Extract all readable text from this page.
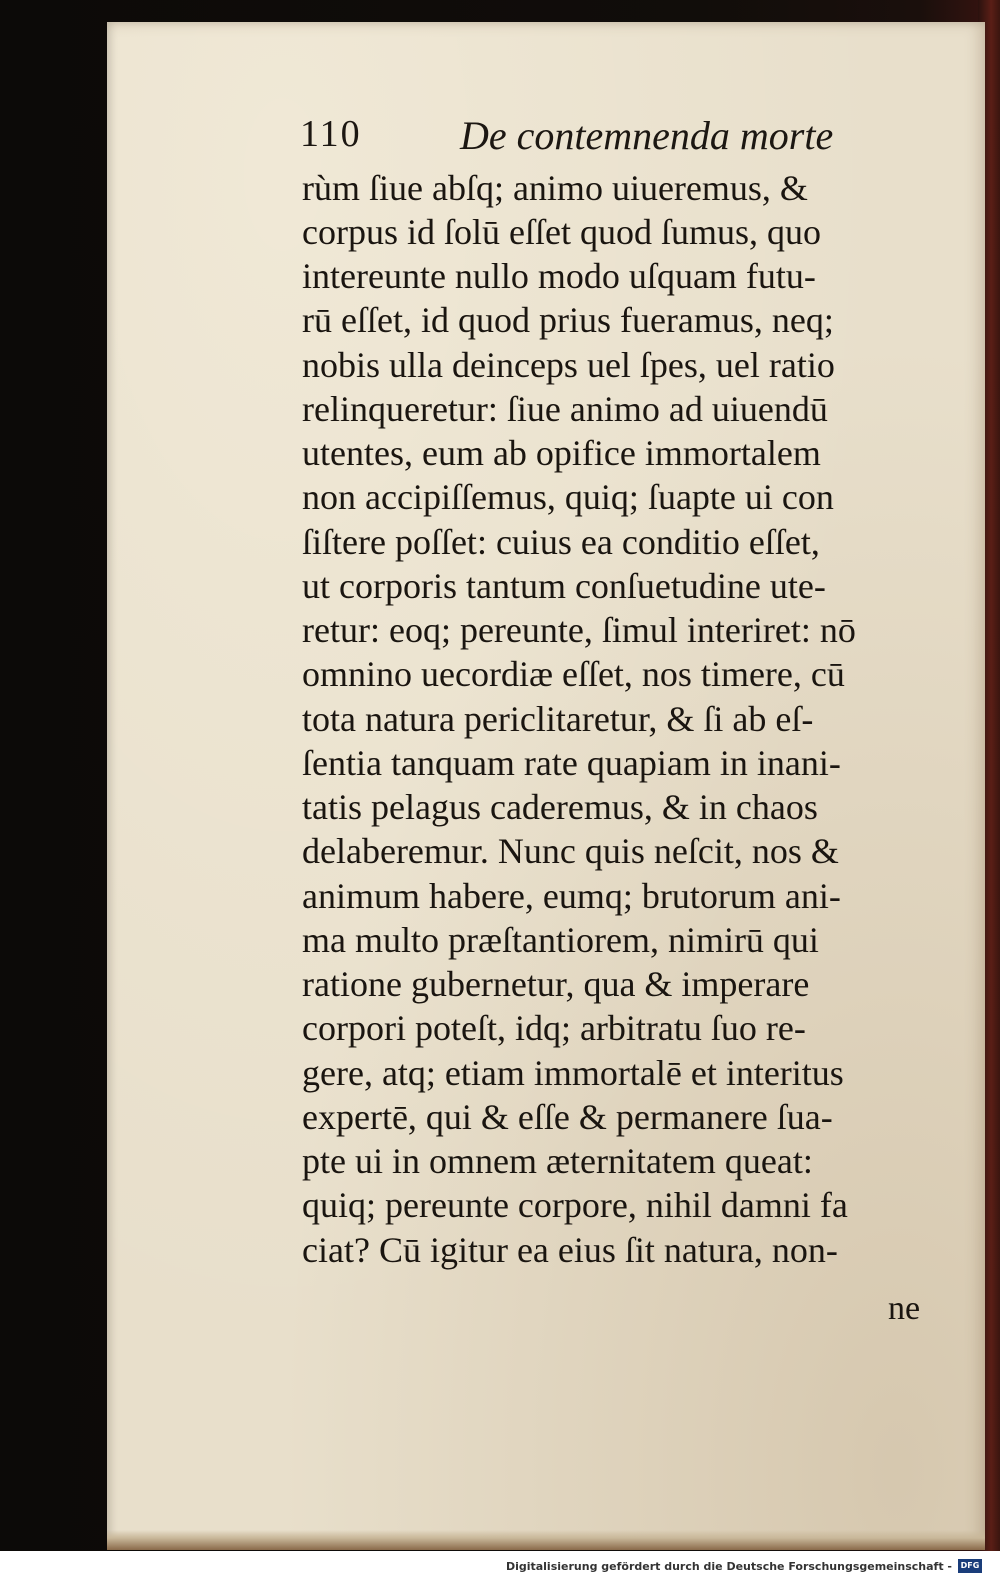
110 De contemnenda morte
rùm ſiue abſq; animo uiueremus, &
corpus id ſolū eſſet quod ſumus, quo
intereunte nullo modo uſquam futu-
rū eſſet, id quod prius fueramus, neq;
nobis ulla deinceps uel ſpes, uel ratio
relinqueretur: ſiue animo ad uiuendū
utentes, eum ab opifice immortalem
non accipiſſemus, quiq; ſuapte ui con
ſiſtere poſſet: cuius ea conditio eſſet,
ut corporis tantum conſuetudine ute-
retur: eoq; pereunte, ſimul interiret: nō
omnino uecordiæ eſſet, nos timere, cū
tota natura periclitaretur, & ſi ab eſ-
ſentia tanquam rate quapiam in inani-
tatis pelagus caderemus, & in chaos
delaberemur. Nunc quis neſcit, nos &
animum habere, eumq; brutorum ani-
ma multo præſtantiorem, nimirū qui
ratione gubernetur, qua & imperare
corpori poteſt, idq; arbitratu ſuo re-
gere, atq; etiam immortalē et interitus
expertē, qui & eſſe & permanere ſua-
pte ui in omnem æternitatem queat:
quiq; pereunte corpore, nihil damni fa
ciat? Cū igitur ea eius ſit natura, non-
ne
Digitalisierung gefördert durch die Deutsche Forschungsgemeinschaft -	DFG
